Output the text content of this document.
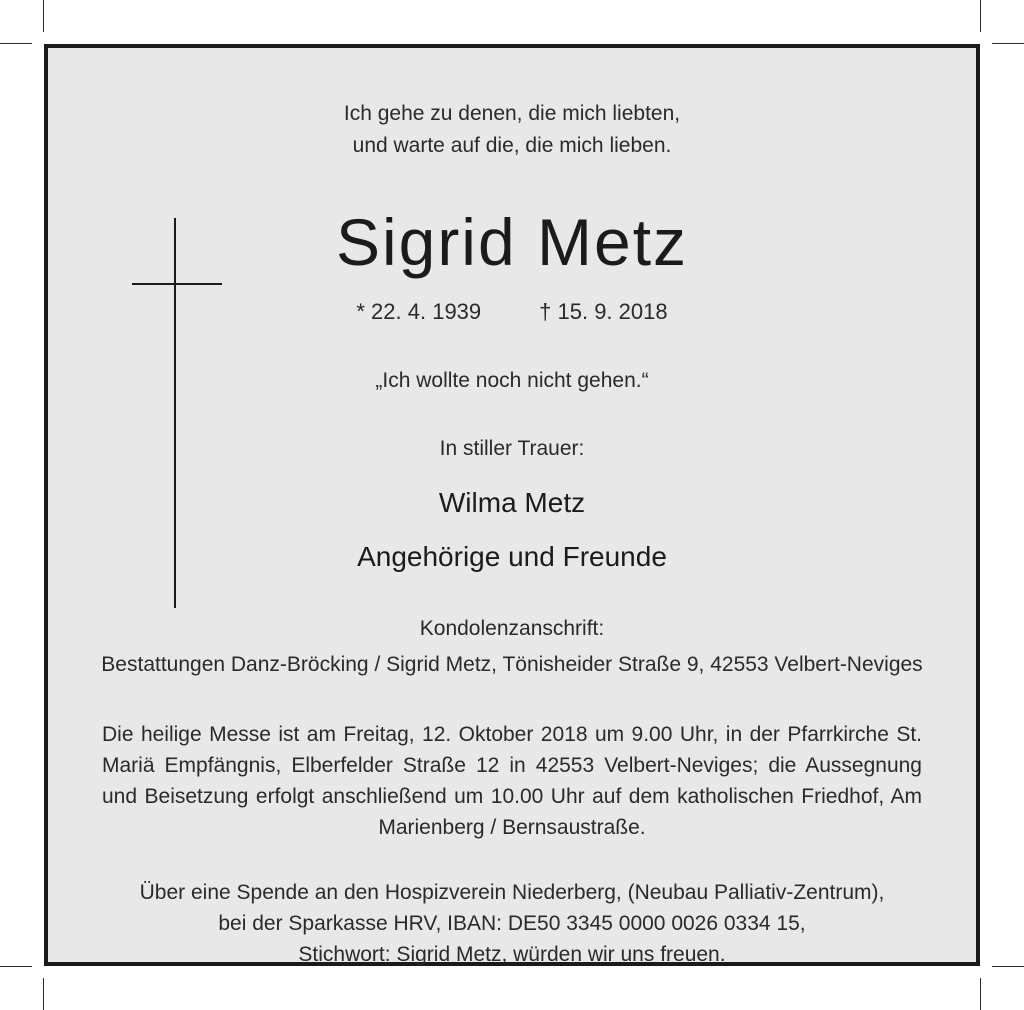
Ich gehe zu denen, die mich liebten,
und warte auf die, die mich lieben.
Sigrid Metz
* 22. 4. 1939	† 15. 9. 2018
„Ich wollte noch nicht gehen.“
In stiller Trauer:
Wilma Metz
Angehörige und Freunde
Kondolenzanschrift:
Bestattungen Danz-Bröcking / Sigrid Metz, Tönisheider Straße 9, 42553 Velbert-Neviges
Die heilige Messe ist am Freitag, 12. Oktober 2018 um 9.00 Uhr, in der Pfarrkirche St. Mariä Empfängnis, Elberfelder Straße 12 in 42553 Velbert-Neviges; die Aussegnung und Beisetzung erfolgt anschließend um 10.00 Uhr auf dem katholischen Friedhof, Am Marienberg / Bernsaustraße.
Über eine Spende an den Hospizverein Niederberg, (Neubau Palliativ-Zentrum),
bei der Sparkasse HRV, IBAN: DE50 3345 0000 0026 0334 15,
Stichwort: Sigrid Metz, würden wir uns freuen.
